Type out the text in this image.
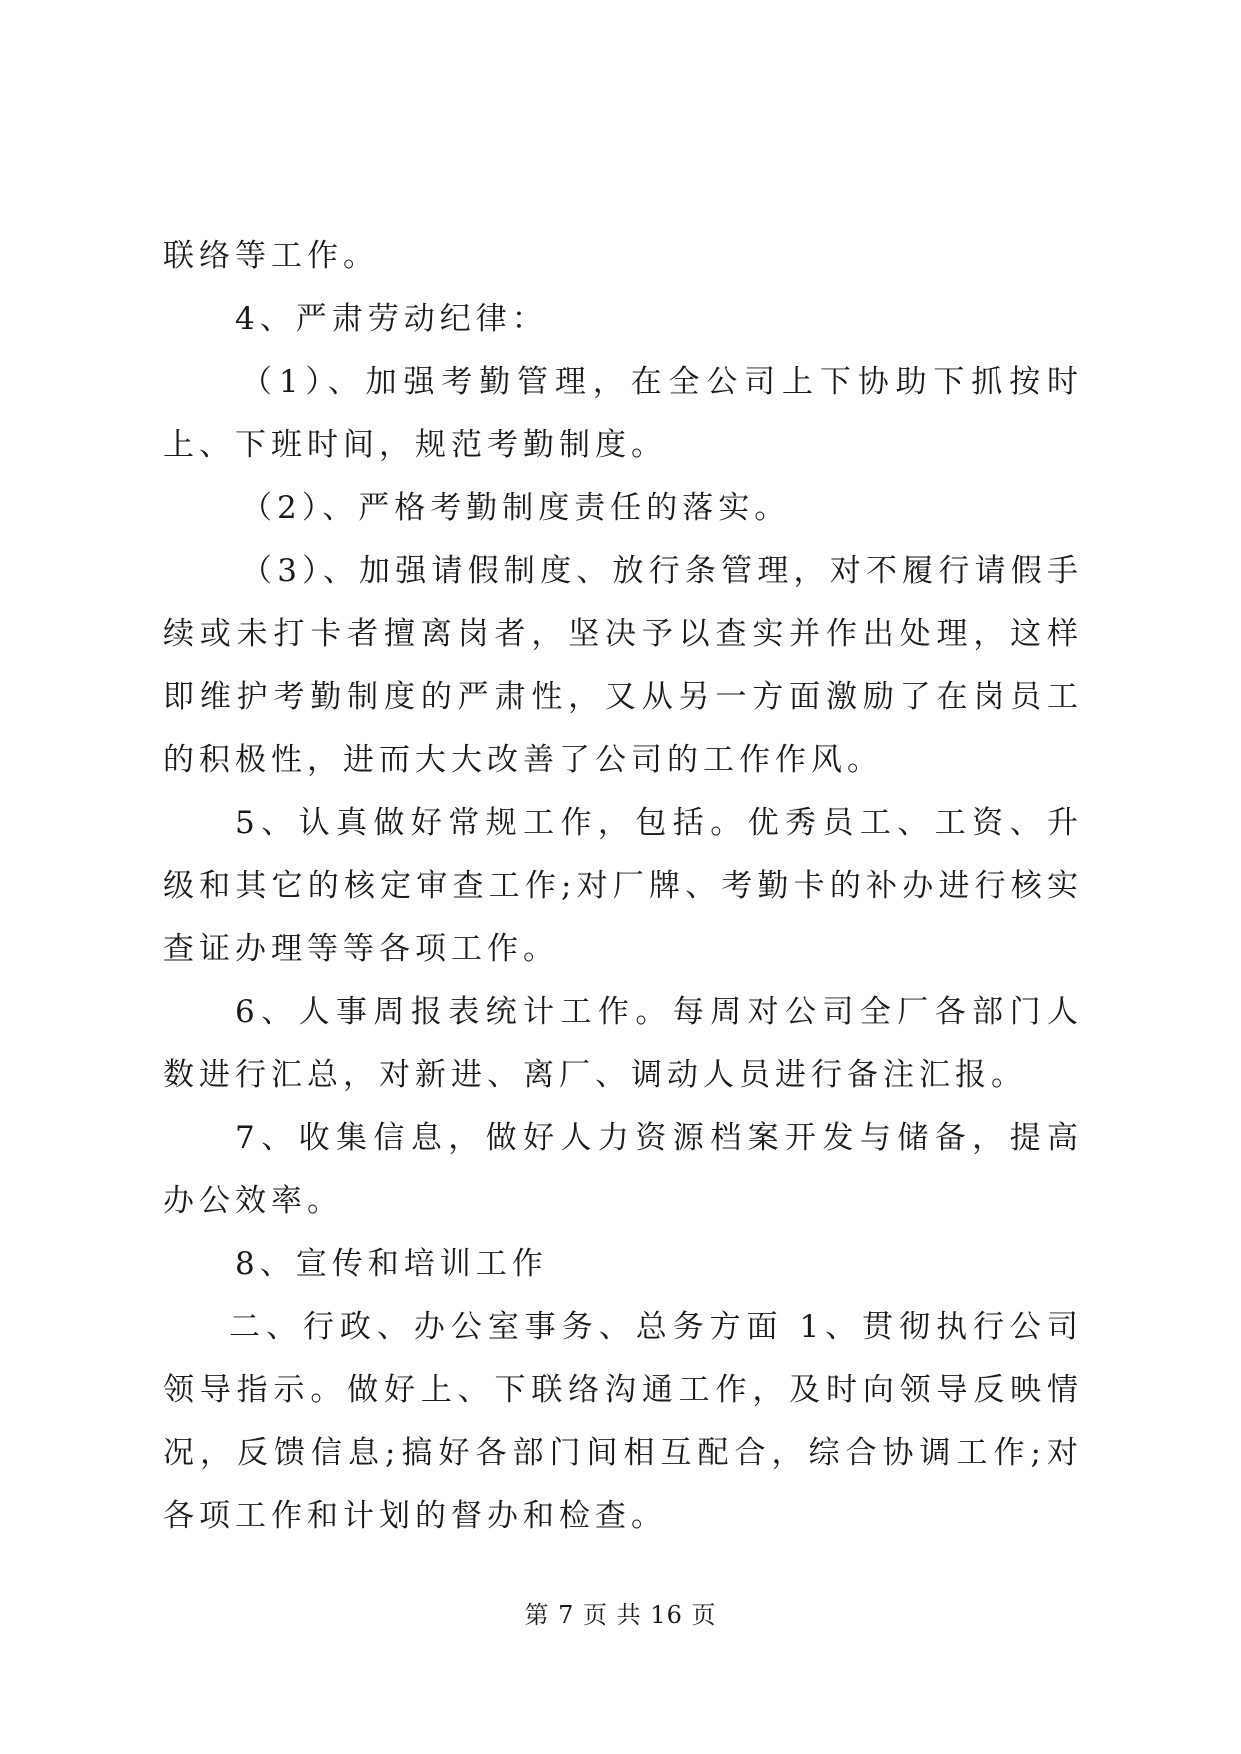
联络等工作。

4、严肃劳动纪律：

（1）、加强考勤管理，在全公司上下协助下抓按时上、下班时间，规范考勤制度。

（2）、严格考勤制度责任的落实。

（3）、加强请假制度、放行条管理，对不履行请假手续或未打卡者擅离岗者，坚决予以查实并作出处理，这样即维护考勤制度的严肃性，又从另一方面激励了在岗员工的积极性，进而大大改善了公司的工作作风。

5、认真做好常规工作，包括。优秀员工、工资、升级和其它的核定审查工作;对厂牌、考勤卡的补办进行核实查证办理等等各项工作。

6、人事周报表统计工作。每周对公司全厂各部门人数进行汇总，对新进、离厂、调动人员进行备注汇报。

7、收集信息，做好人力资源档案开发与储备，提高办公效率。

8、宣传和培训工作

二、行政、办公室事务、总务方面 1、贯彻执行公司领导指示。做好上、下联络沟通工作，及时向领导反映情况，反馈信息;搞好各部门间相互配合，综合协调工作;对各项工作和计划的督办和检查。

第 7 页 共 16 页
